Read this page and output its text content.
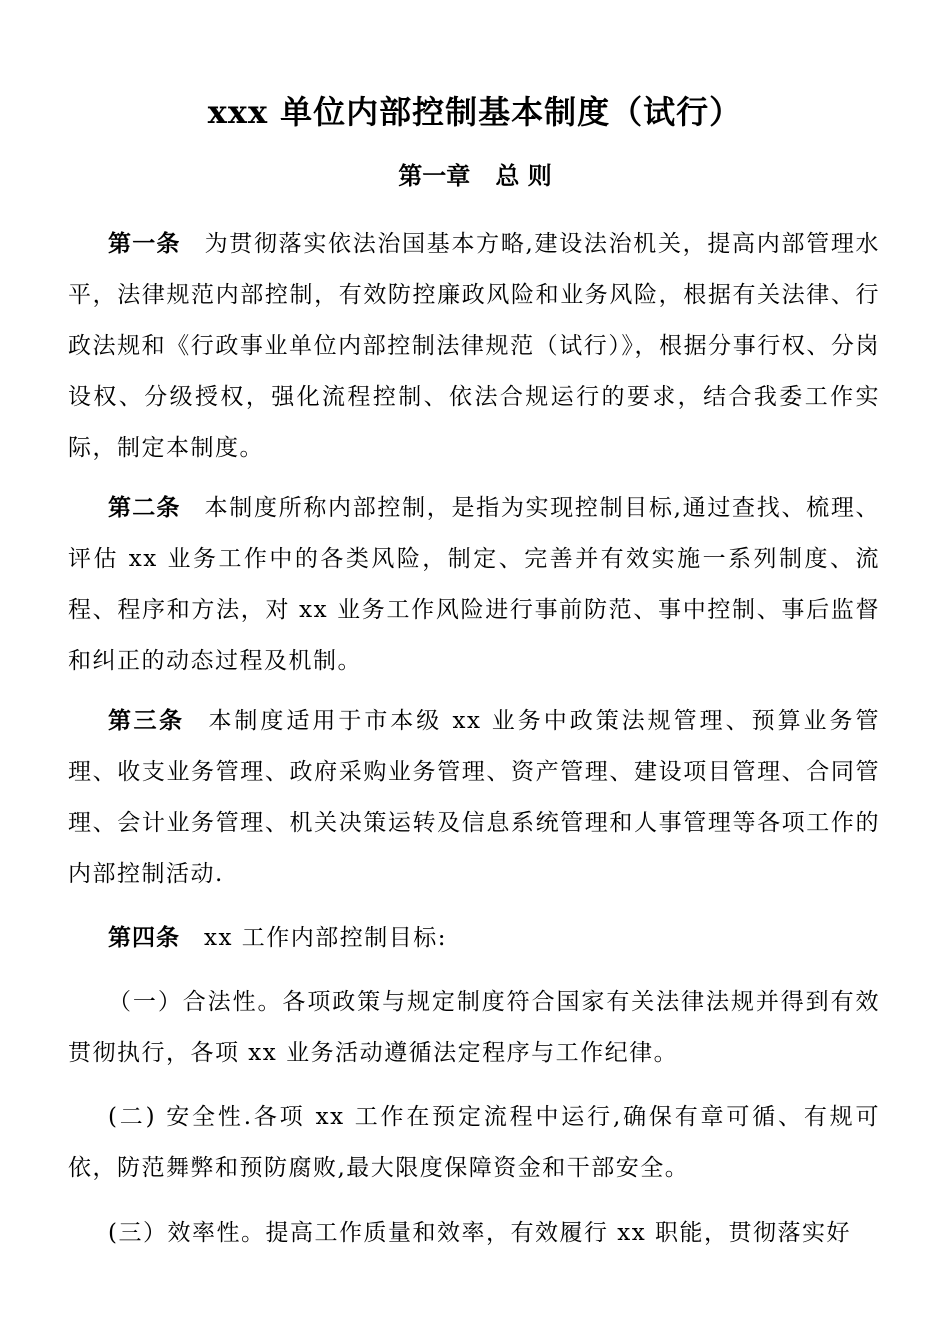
xxx 单位内部控制基本制度（试行）
第一章   总 则
第一条 为贯彻落实依法治国基本方略,建设法治机关，提高内部管理水平，法律规范内部控制，有效防控廉政风险和业务风险，根据有关法律、行政法规和《行政事业单位内部控制法律规范（试行）》，根据分事行权、分岗设权、分级授权，强化流程控制、依法合规运行的要求，结合我委工作实际，制定本制度。
第二条 本制度所称内部控制，是指为实现控制目标,通过查找、梳理、评估 xx 业务工作中的各类风险，制定、完善并有效实施一系列制度、流程、程序和方法，对 xx 业务工作风险进行事前防范、事中控制、事后监督和纠正的动态过程及机制。
第三条 本制度适用于市本级 xx 业务中政策法规管理、预算业务管理、收支业务管理、政府采购业务管理、资产管理、建设项目管理、合同管理、会计业务管理、机关决策运转及信息系统管理和人事管理等各项工作的内部控制活动.
第四条 xx 工作内部控制目标:
（一）合法性。各项政策与规定制度符合国家有关法律法规并得到有效贯彻执行，各项 xx 业务活动遵循法定程序与工作纪律。
(二) 安全性.各项 xx 工作在预定流程中运行,确保有章可循、有规可依，防范舞弊和预防腐败,最大限度保障资金和干部安全。
(三）效率性。提高工作质量和效率，有效履行 xx 职能，贯彻落实好
